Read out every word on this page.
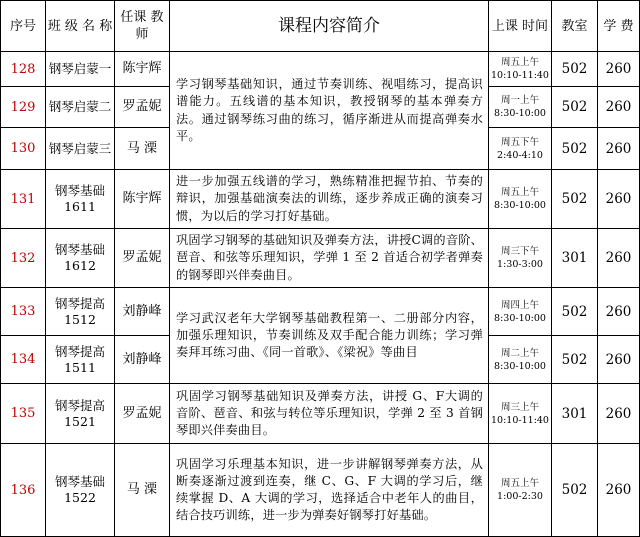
序号	班 级 名 称	任课 教师	课程内容简介	上课 时间	教室	学 费
128	钢琴启蒙一	陈宇辉	学习钢琴基础知识，通过节奏训练、视唱练习，提高识谱能力。五线谱的基本知识，教授钢琴的基本弹奏方法。通过钢琴练习曲的练习，循序渐进从而提高弹奏水平。	周五上午
10:10-11:40	502	260
129	钢琴启蒙二	罗孟妮		周一上午
8:30-10:00	502	260
130	钢琴启蒙三	马 溧		周五下午
2:40-4:10	502	260
131	钢琴基础 1611	陈宇辉	进一步加强五线谱的学习，熟练精准把握节拍、节奏的辩识，加强基础演奏法的训练，逐步养成正确的演奏习惯，为以后的学习打好基础。	周五上午
8:30-10:00	502	260
132	钢琴基础 1612	罗孟妮	巩固学习钢琴的基础知识及弹奏方法，讲授C调的音阶、琶音、和弦等乐理知识，学弹 1 至 2 首适合初学者弹奏的钢琴即兴伴奏曲目。	周三下午
1:30-3:00	301	260
133	钢琴提高 1512	刘静峰	学习武汉老年大学钢琴基础教程第一、二册部分内容，加强乐理知识，节奏训练及双手配合能力训练；学习弹奏拜耳练习曲、《同一首歌》、《梁祝》等曲目	周四上午
8:30-10:00	502	260
134	钢琴提高 1511	刘静峰		周二上午
8:30-10:00	502	260
135	钢琴提高 1521	罗孟妮	巩固学习钢琴基础知识及弹奏方法，讲授 G、F大调的音阶、琶音、和弦与转位等乐理知识，学弹 2 至 3 首钢琴即兴伴奏曲目。	周三上午
10:10-11:40	301	260
136	钢琴基础 1522	马 溧	巩固学习乐理基本知识，进一步讲解钢琴弹奏方法，从断奏逐渐过渡到连奏，继 C、G、F 大调的学习后，继续掌握 D、A 大调的学习，选择适合中老年人的曲目，结合技巧训练，进一步为弹奏好钢琴打好基础。	周五上午
1:00-2:30	502	260
